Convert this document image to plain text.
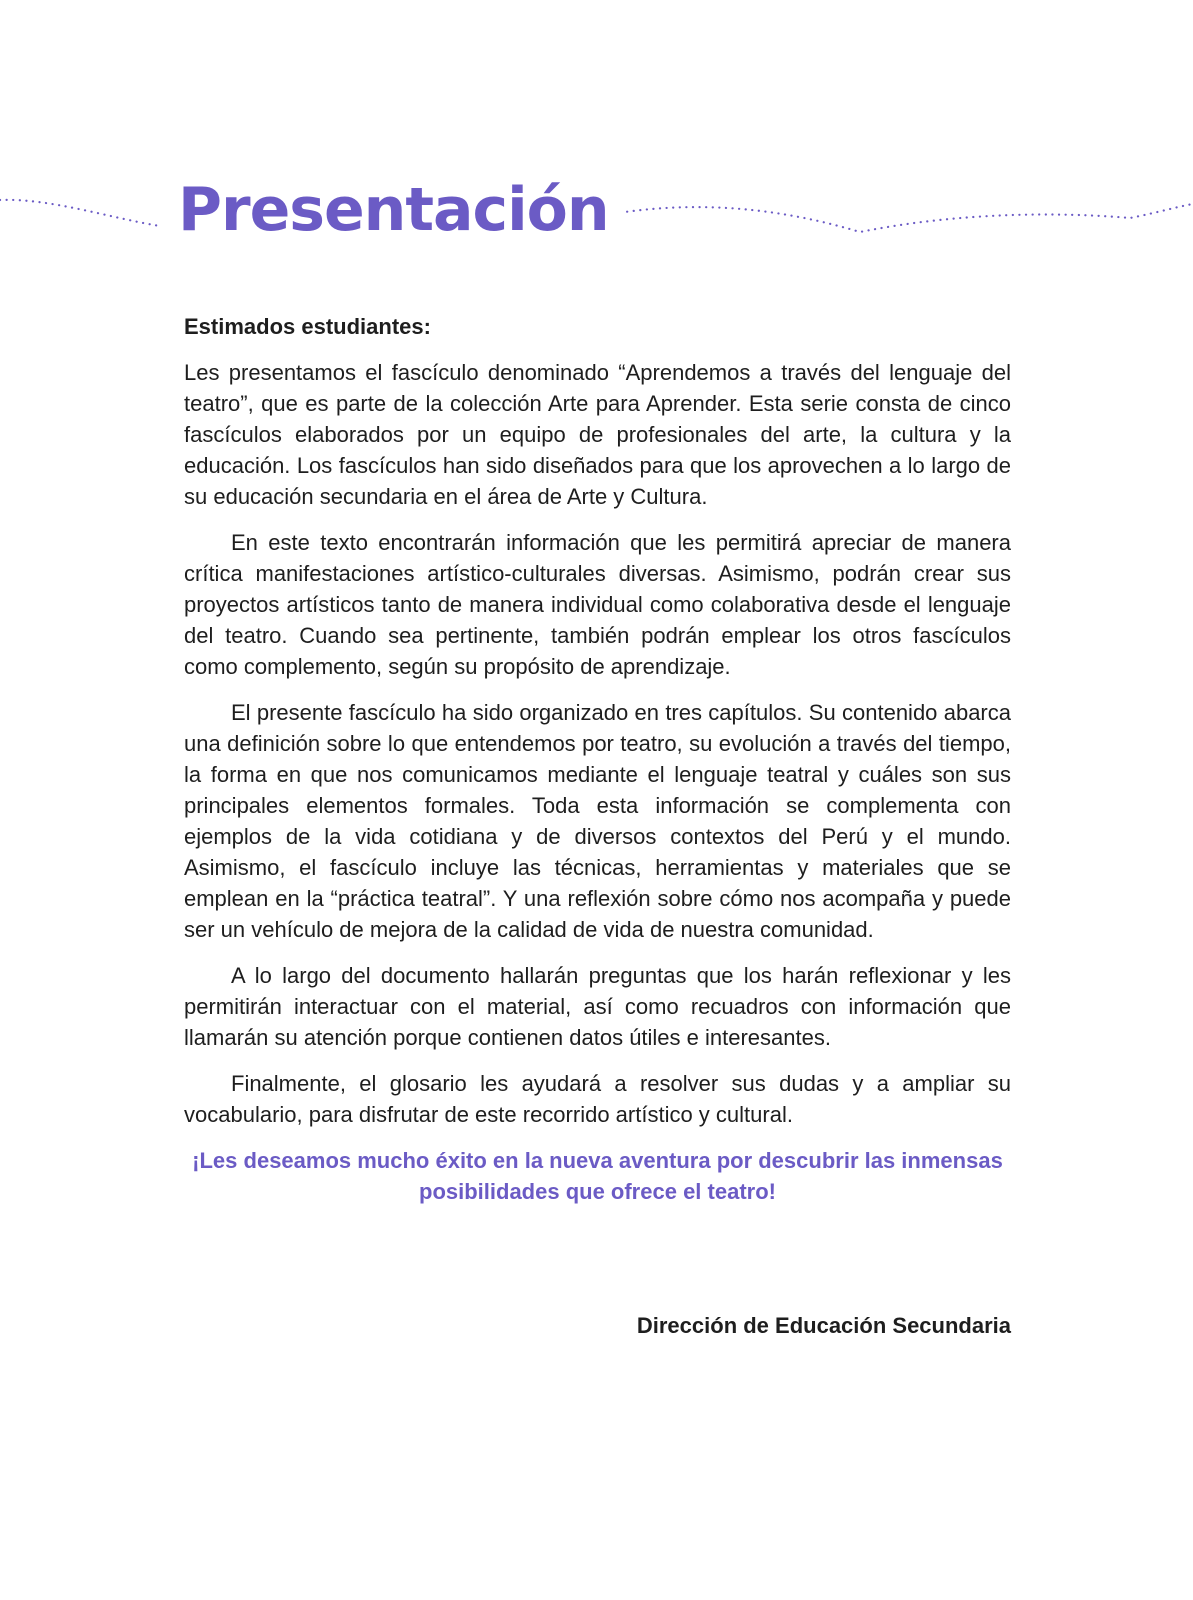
Presentación

Estimados estudiantes:

Les presentamos el fascículo denominado “Aprendemos a través del lenguaje del teatro”, que es parte de la colección Arte para Aprender. Esta serie consta de cinco fascículos elaborados por un equipo de profesionales del arte, la cultura y la educación. Los fascículos han sido diseñados para que los aprovechen a lo largo de su educación secundaria en el área de Arte y Cultura.

En este texto encontrarán información que les permitirá apreciar de manera crítica manifestaciones artístico-culturales diversas. Asimismo, podrán crear sus proyectos artísticos tanto de manera individual como colaborativa desde el lenguaje del teatro. Cuando sea pertinente, también podrán emplear los otros fascículos como complemento, según su propósito de aprendizaje.

El presente fascículo ha sido organizado en tres capítulos. Su contenido abarca una definición sobre lo que entendemos por teatro, su evolución a través del tiempo, la forma en que nos comunicamos mediante el lenguaje teatral y cuáles son sus principales elementos formales. Toda esta información se complementa con ejemplos de la vida cotidiana y de diversos contextos del Perú y el mundo. Asimismo, el fascículo incluye las técnicas, herramientas y materiales que se emplean en la “práctica teatral”. Y una reflexión sobre cómo nos acompaña y puede ser un vehículo de mejora de la calidad de vida de nuestra comunidad.

A lo largo del documento hallarán preguntas que los harán reflexionar y les permitirán interactuar con el material, así como recuadros con información que llamarán su atención porque contienen datos útiles e interesantes.

Finalmente, el glosario les ayudará a resolver sus dudas y a ampliar su vocabulario, para disfrutar de este recorrido artístico y cultural.

¡Les deseamos mucho éxito en la nueva aventura por descubrir las inmensas posibilidades que ofrece el teatro!

Dirección de Educación Secundaria
